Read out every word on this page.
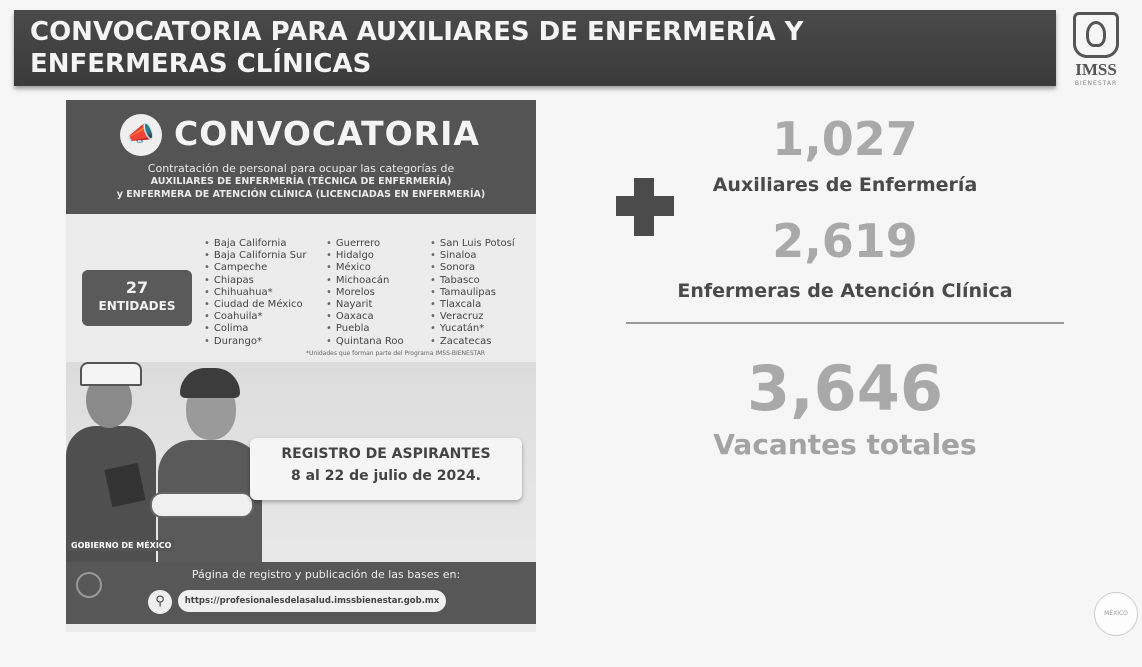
CONVOCATORIA PARA AUXILIARES DE ENFERMERÍA Y
ENFERMERAS CLÍNICAS	IMSS
BIENESTAR
📣 CONVOCATORIA
Contratación de personal para ocupar las categorías de
AUXILIARES DE ENFERMERÍA (TÉCNICA DE ENFERMERÍA)
y ENFERMERA DE ATENCIÓN CLÍNICA (LICENCIADAS EN ENFERMERÍA)
27
ENTIDADES
• Baja California
• Baja California Sur
• Campeche
• Chiapas
• Chihuahua*
• Ciudad de México
• Coahuila*
• Colima
• Durango*
• Guerrero
• Hidalgo
• México
• Michoacán
• Morelos
• Nayarit
• Oaxaca
• Puebla
• Quintana Roo
• San Luis Potosí
• Sinaloa
• Sonora
• Tabasco
• Tamaulipas
• Tlaxcala
• Veracruz
• Yucatán*
• Zacatecas
*Unidades que forman parte del Programa IMSS-BIENESTAR
REGISTRO DE ASPIRANTES
8 al 22 de julio de 2024.
GOBIERNO DE MÉXICO
Página de registro y publicación de las bases en:
⚲	https://profesionalesdelasalud.imssbienestar.gob.mx
1,027
Auxiliares de Enfermería
2,619
Enfermeras de Atención Clínica
3,646
Vacantes totales
MÉXICO
